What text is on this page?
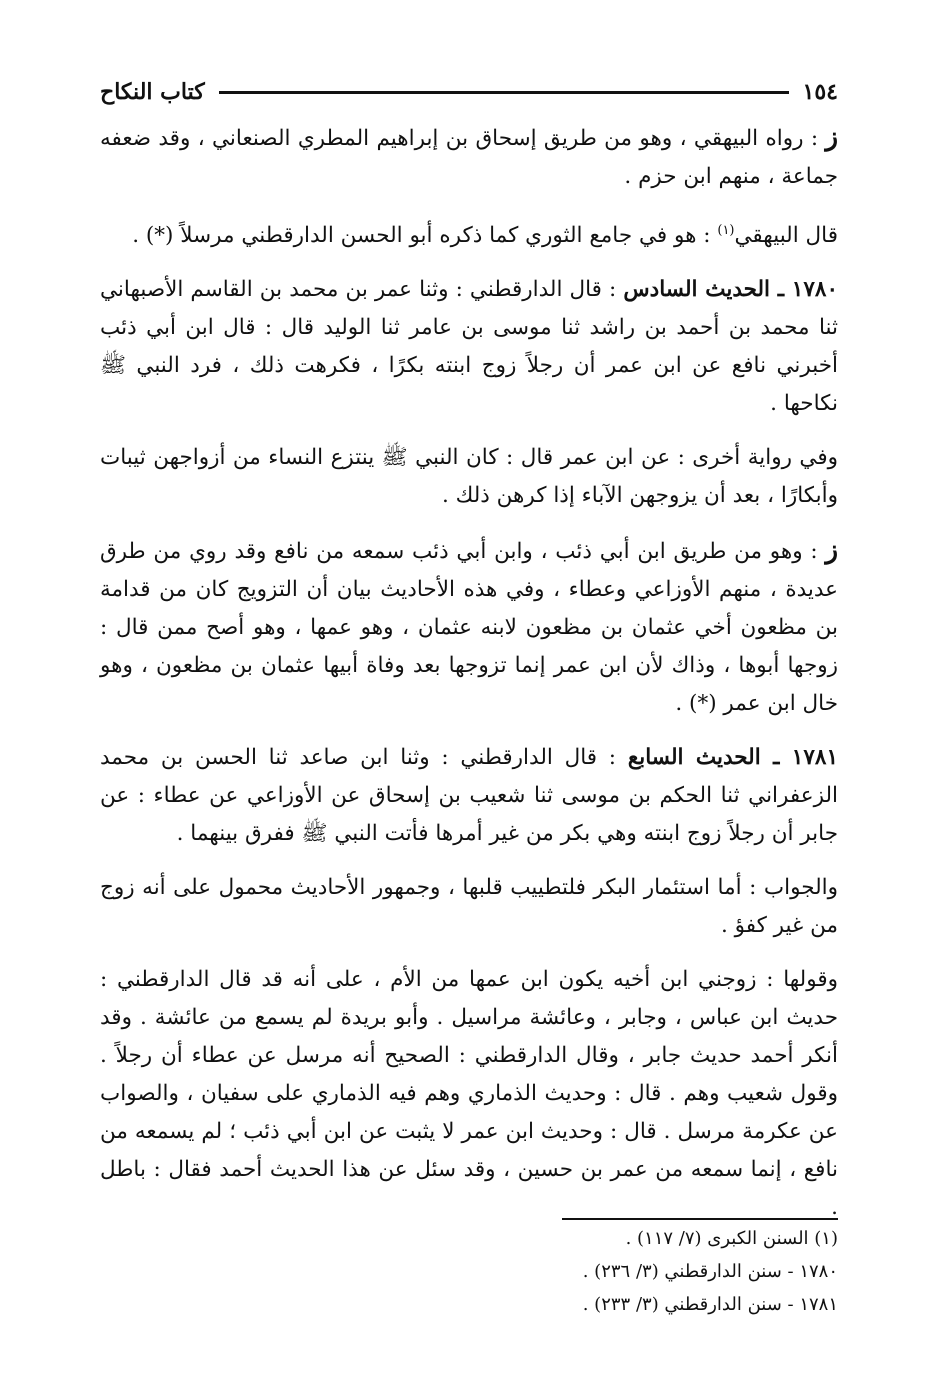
١٥٤
كتاب النكاح

ز : رواه البيهقي ، وهو من طريق إسحاق بن إبراهيم المطري الصنعاني ، وقد ضعفه جماعة ، منهم ابن حزم .

قال البيهقي$^{(١)}$ : هو في جامع الثوري كما ذكره أبو الحسن الدارقطني مرسلاً (*) .

١٧٨٠ ـ الحديث السادس : قال الدارقطني : وثنا عمر بن محمد بن القاسم الأصبهاني ثنا محمد بن أحمد بن راشد ثنا موسى بن عامر ثنا الوليد قال : قال ابن أبي ذئب أخبرني نافع عن ابن عمر أن رجلاً زوج ابنته بكرًا ، فكرهت ذلك ، فرد النبي ﷺ نكاحها .

وفي رواية أخرى : عن ابن عمر قال : كان النبي ﷺ ينتزع النساء من أزواجهن ثيبات وأبكارًا ، بعد أن يزوجهن الآباء إذا كرهن ذلك .

ز : وهو من طريق ابن أبي ذئب ، وابن أبي ذئب سمعه من نافع وقد روي من طرق عديدة ، منهم الأوزاعي وعطاء ، وفي هذه الأحاديث بيان أن التزويج كان من قدامة بن مظعون أخي عثمان بن مظعون لابنه عثمان ، وهو عمها ، وهو أصح ممن قال : زوجها أبوها ، وذاك لأن ابن عمر إنما تزوجها بعد وفاة أبيها عثمان بن مظعون ، وهو خال ابن عمر (*) .

١٧٨١ ـ الحديث السابع : قال الدارقطني : وثنا ابن صاعد ثنا الحسن بن محمد الزعفراني ثنا الحكم بن موسى ثنا شعيب بن إسحاق عن الأوزاعي عن عطاء : عن جابر أن رجلاً زوج ابنته وهي بكر من غير أمرها فأتت النبي ﷺ ففرق بينهما .

والجواب : أما استئمار البكر فلتطييب قلبها ، وجمهور الأحاديث محمول على أنه زوج من غير كفؤ .

وقولها : زوجني ابن أخيه يكون ابن عمها من الأم ، على أنه قد قال الدارقطني : حديث ابن عباس ، وجابر ، وعائشة مراسيل . وأبو بريدة لم يسمع من عائشة . وقد أنكر أحمد حديث جابر ، وقال الدارقطني : الصحيح أنه مرسل عن عطاء أن رجلاً . وقول شعيب وهم . قال : وحديث الذماري وهم فيه الذماري على سفيان ، والصواب عن عكرمة مرسل . قال : وحديث ابن عمر لا يثبت عن ابن أبي ذئب ؛ لم يسمعه من نافع ، إنما سمعه من عمر بن حسين ، وقد سئل عن هذا الحديث أحمد فقال : باطل .

(١) السنن الكبرى (٧/ ١١٧) .
١٧٨٠ - سنن الدارقطني (٣/ ٢٣٦) .
١٧٨١ - سنن الدارقطني (٣/ ٢٣٣) .
